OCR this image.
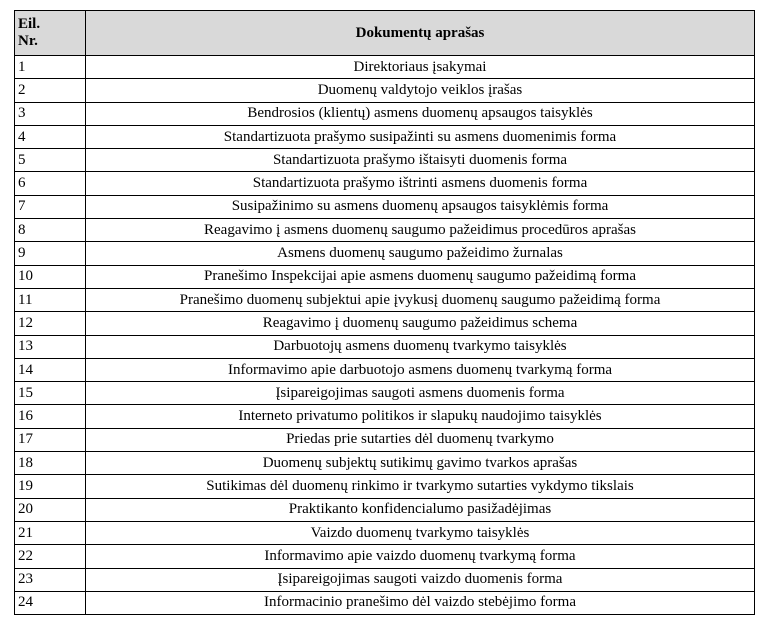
Eil.
Nr.	Dokumentų aprašas
1	Direktoriaus įsakymai
2	Duomenų valdytojo veiklos įrašas
3	Bendrosios (klientų) asmens duomenų apsaugos taisyklės
4	Standartizuota prašymo susipažinti su asmens duomenimis forma
5	Standartizuota prašymo ištaisyti duomenis forma
6	Standartizuota prašymo ištrinti asmens duomenis forma
7	Susipažinimo su asmens duomenų apsaugos taisyklėmis forma
8	Reagavimo į asmens duomenų saugumo pažeidimus procedūros aprašas
9	Asmens duomenų saugumo pažeidimo žurnalas
10	Pranešimo Inspekcijai apie asmens duomenų saugumo pažeidimą forma
11	Pranešimo duomenų subjektui apie įvykusį duomenų saugumo pažeidimą forma
12	Reagavimo į duomenų saugumo pažeidimus schema
13	Darbuotojų asmens duomenų tvarkymo taisyklės
14	Informavimo apie darbuotojo asmens duomenų tvarkymą forma
15	Įsipareigojimas saugoti asmens duomenis forma
16	Interneto privatumo politikos ir slapukų naudojimo taisyklės
17	Priedas prie sutarties dėl duomenų tvarkymo
18	Duomenų subjektų sutikimų gavimo tvarkos aprašas
19	Sutikimas dėl duomenų rinkimo ir tvarkymo sutarties vykdymo tikslais
20	Praktikanto konfidencialumo pasižadėjimas
21	Vaizdo duomenų tvarkymo taisyklės
22	Informavimo apie vaizdo duomenų tvarkymą forma
23	Įsipareigojimas saugoti vaizdo duomenis forma
24	Informacinio pranešimo dėl vaizdo stebėjimo forma
